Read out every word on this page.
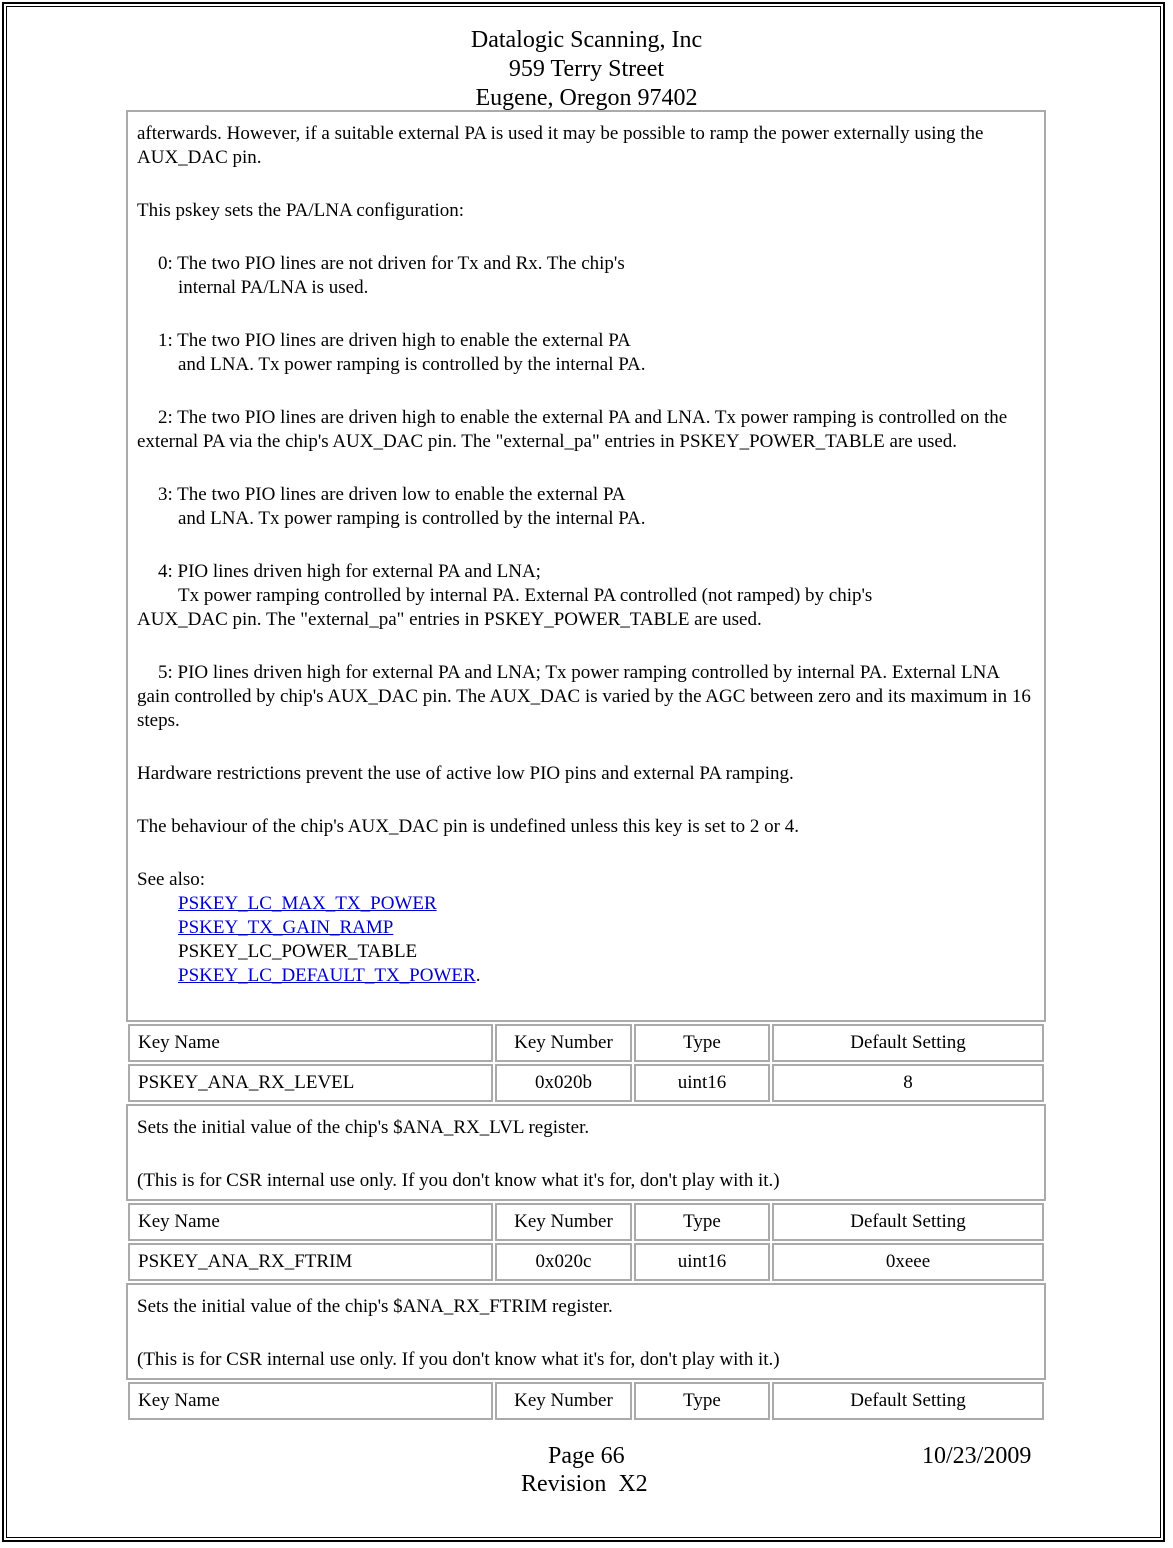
Datalogic Scanning, Inc
959 Terry Street
Eugene, Oregon 97402

afterwards. However, if a suitable external PA is used it may be possible to ramp the power externally using the AUX_DAC pin.

This pskey sets the PA/LNA configuration:

0: The two PIO lines are not driven for Tx and Rx. The chip's

internal PA/LNA is used.

1: The two PIO lines are driven high to enable the external PA

and LNA. Tx power ramping is controlled by the internal PA.

2: The two PIO lines are driven high to enable the external PA and LNA. Tx power ramping is controlled on the external PA via the chip's AUX_DAC pin. The "external_pa" entries in PSKEY_POWER_TABLE are used.

3: The two PIO lines are driven low to enable the external PA

and LNA. Tx power ramping is controlled by the internal PA.

4: PIO lines driven high for external PA and LNA;

Tx power ramping controlled by internal PA. External PA controlled (not ramped) by chip's
AUX_DAC pin. The "external_pa" entries in PSKEY_POWER_TABLE are used.

5: PIO lines driven high for external PA and LNA; Tx power ramping controlled by internal PA. External LNA gain controlled by chip's AUX_DAC pin. The AUX_DAC is varied by the AGC between zero and its maximum in 16 steps.

Hardware restrictions prevent the use of active low PIO pins and external PA ramping.

The behaviour of the chip's AUX_DAC pin is undefined unless this key is set to 2 or 4.

See also:

PSKEY_LC_MAX_TX_POWER
PSKEY_TX_GAIN_RAMP
PSKEY_LC_POWER_TABLE
PSKEY_LC_DEFAULT_TX_POWER.

Key Name	Key Number	Type	Default Setting
PSKEY_ANA_RX_LEVEL	0x020b	uint16	8

Sets the initial value of the chip's $ANA_RX_LVL register.

(This is for CSR internal use only. If you don't know what it's for, don't play with it.)

Key Name	Key Number	Type	Default Setting
PSKEY_ANA_RX_FTRIM	0x020c	uint16	0xeee

Sets the initial value of the chip's $ANA_RX_FTRIM register.

(This is for CSR internal use only. If you don't know what it's for, don't play with it.)

Key Name	Key Number	Type	Default Setting
Page 66	10/23/2009
Revision  X2
